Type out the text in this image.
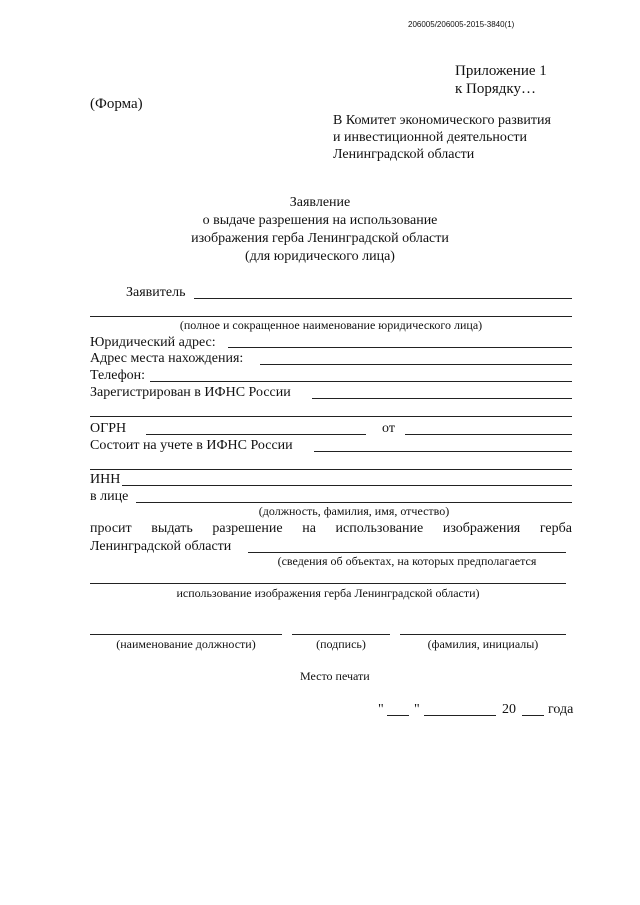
206005/206005-2015-3840(1)
Приложение 1
к Порядку…
(Форма)
В Комитет экономического развития
и инвестиционной деятельности
Ленинградской области
Заявление
о выдаче разрешения на использование
изображения герба Ленинградской области
(для юридического лица)
Заявитель
(полное и сокращенное наименование юридического лица)
Юридический адрес:
Адрес места нахождения:
Телефон:
Зарегистрирован в ИФНС России
ОГРН	от
Состоит на учете в ИФНС России
ИНН
в лице
(должность, фамилия, имя, отчество)
просит выдать разрешение на использование изображения герба
Ленинградской области
(сведения об объектах, на которых предполагается
использование изображения герба Ленинградской области)
(наименование должности)	(подпись)	(фамилия, инициалы)
Место печати
" "	20 года
